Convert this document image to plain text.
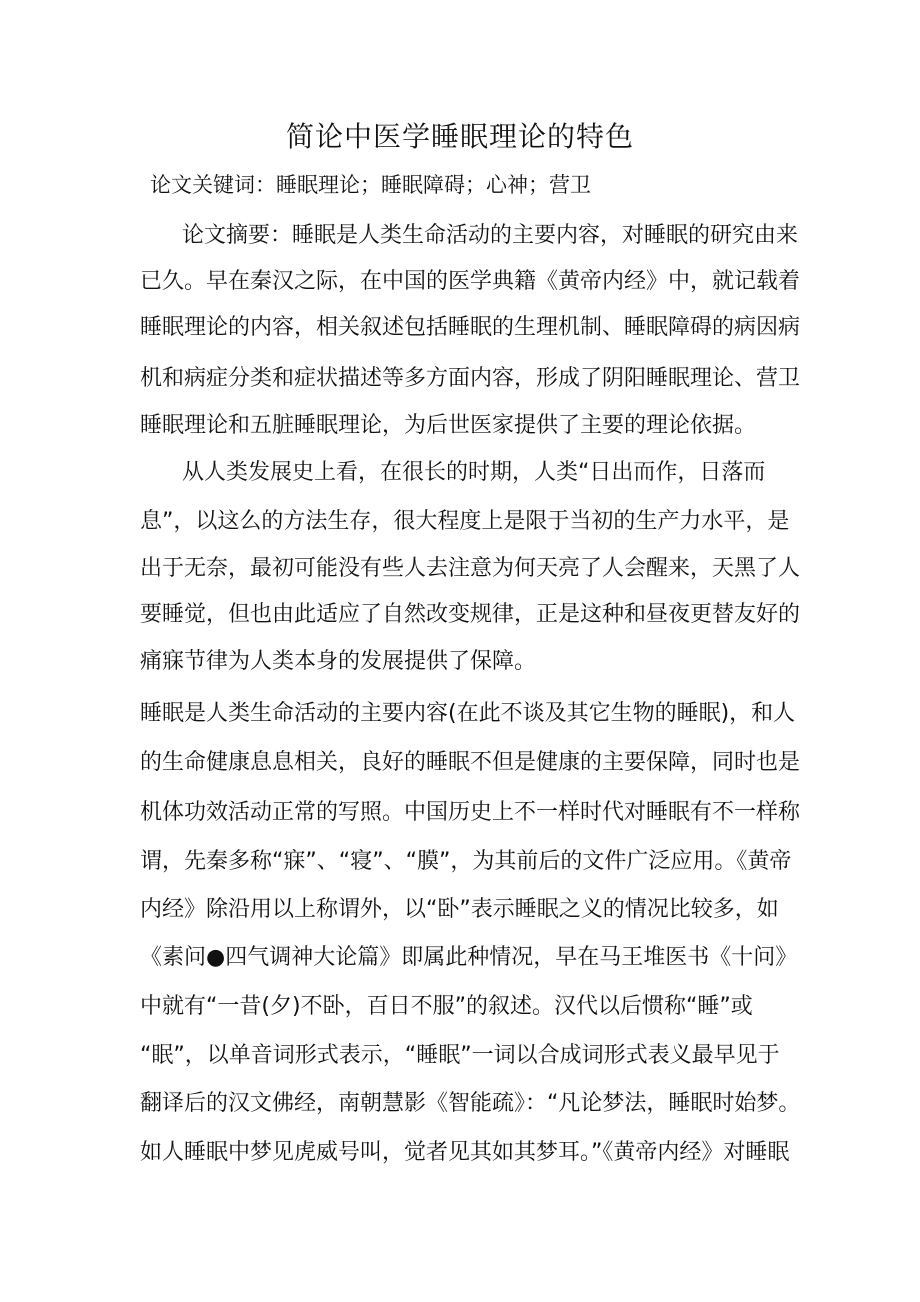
简论中医学睡眠理论的特色
论文关键词：睡眠理论；睡眠障碍；心神；营卫
论文摘要：睡眠是人类生命活动的主要内容，对睡眠的研究由来
已久。早在秦汉之际，在中国的医学典籍《黄帝内经》中，就记载着
睡眠理论的内容，相关叙述包括睡眠的生理机制、睡眠障碍的病因病
机和病症分类和症状描述等多方面内容，形成了阴阳睡眠理论、营卫
睡眠理论和五脏睡眠理论，为后世医家提供了主要的理论依据。
从人类发展史上看，在很长的时期，人类“日出而作，日落而
息”，以这么的方法生存，很大程度上是限于当初的生产力水平，是
出于无奈，最初可能没有些人去注意为何天亮了人会醒来，天黑了人
要睡觉，但也由此适应了自然改变规律，正是这种和昼夜更替友好的
痛寐节律为人类本身的发展提供了保障。
睡眠是人类生命活动的主要内容(在此不谈及其它生物的睡眠)，和人
的生命健康息息相关，良好的睡眠不但是健康的主要保障，同时也是
机体功效活动正常的写照。中国历史上不一样时代对睡眠有不一样称
谓，先秦多称“寐”、“寝”、“膜”，为其前后的文件广泛应用。《黄帝
内经》除沿用以上称谓外，以“卧”表示睡眠之义的情况比较多，如
《素问●四气调神大论篇》即属此种情况，早在马王堆医书《十问》
中就有“一昔(夕)不卧，百日不服”的叙述。汉代以后惯称“睡”或
“眠”，以单音词形式表示，“睡眠”一词以合成词形式表义最早见于
翻译后的汉文佛经，南朝慧影《智能疏》：“凡论梦法，睡眠时始梦。
如人睡眠中梦见虎威号叫，觉者见其如其梦耳。”《黄帝内经》对睡眠
